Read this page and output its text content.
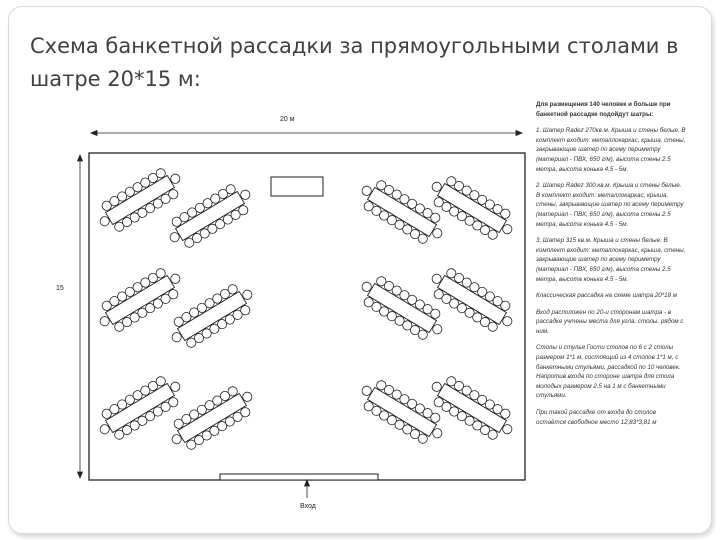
Схема банкетной рассадки за прямоугольными столами в шатре 20*15 м:
20 м
15
Вход

Для размещения 140 человек и больше при банкетной рассадке подойдут шатры:

1. Шатер Radez 270кв.м. Крыша и стены белые. В комплект входит: металлокаркас, крыша, стены, закрывающие шатер по всему периметру (материал - ПВХ, 650 г/м), высота стены 2.5 метра, высота конька 4.5 - 5м.

2. Шатер Radez 300 кв.м. Крыша и стены белые. В комплект входит: металлокаркас, крыша, стены, закрывающие шатер по всему периметру (материал - ПВХ, 650 г/м), высота стены 2.5 метра, высота конька 4.5 - 5м.

3. Шатер 315 кв.м. Крыша и стены белые. В комплект входит: металлокаркас, крыша, стены, закрывающие шатер по всему периметру (материал - ПВХ, 650 г/м), высота стены 2.5 метра, высота конька 4.5 - 5м.

Классическая рассадка на схеме шатра 20*18 м

Вход расположен по 20-и сторонам шатра - в рассадке учтены места для угла, столы, рядом с ним.

Столы и стулья Гости столов по 6 с 2 столы размером 1*1 м, состоящий из 4 столов 1*1 м, с банкетными стульями, рассадкой по 10 человек. Напротив входа по стороне шатра для стола молодых размером 2.5 на 1 м с банкетными стульями.

При такой рассадке от входа до столов остаётся свободное место 12,83*3,81 м
